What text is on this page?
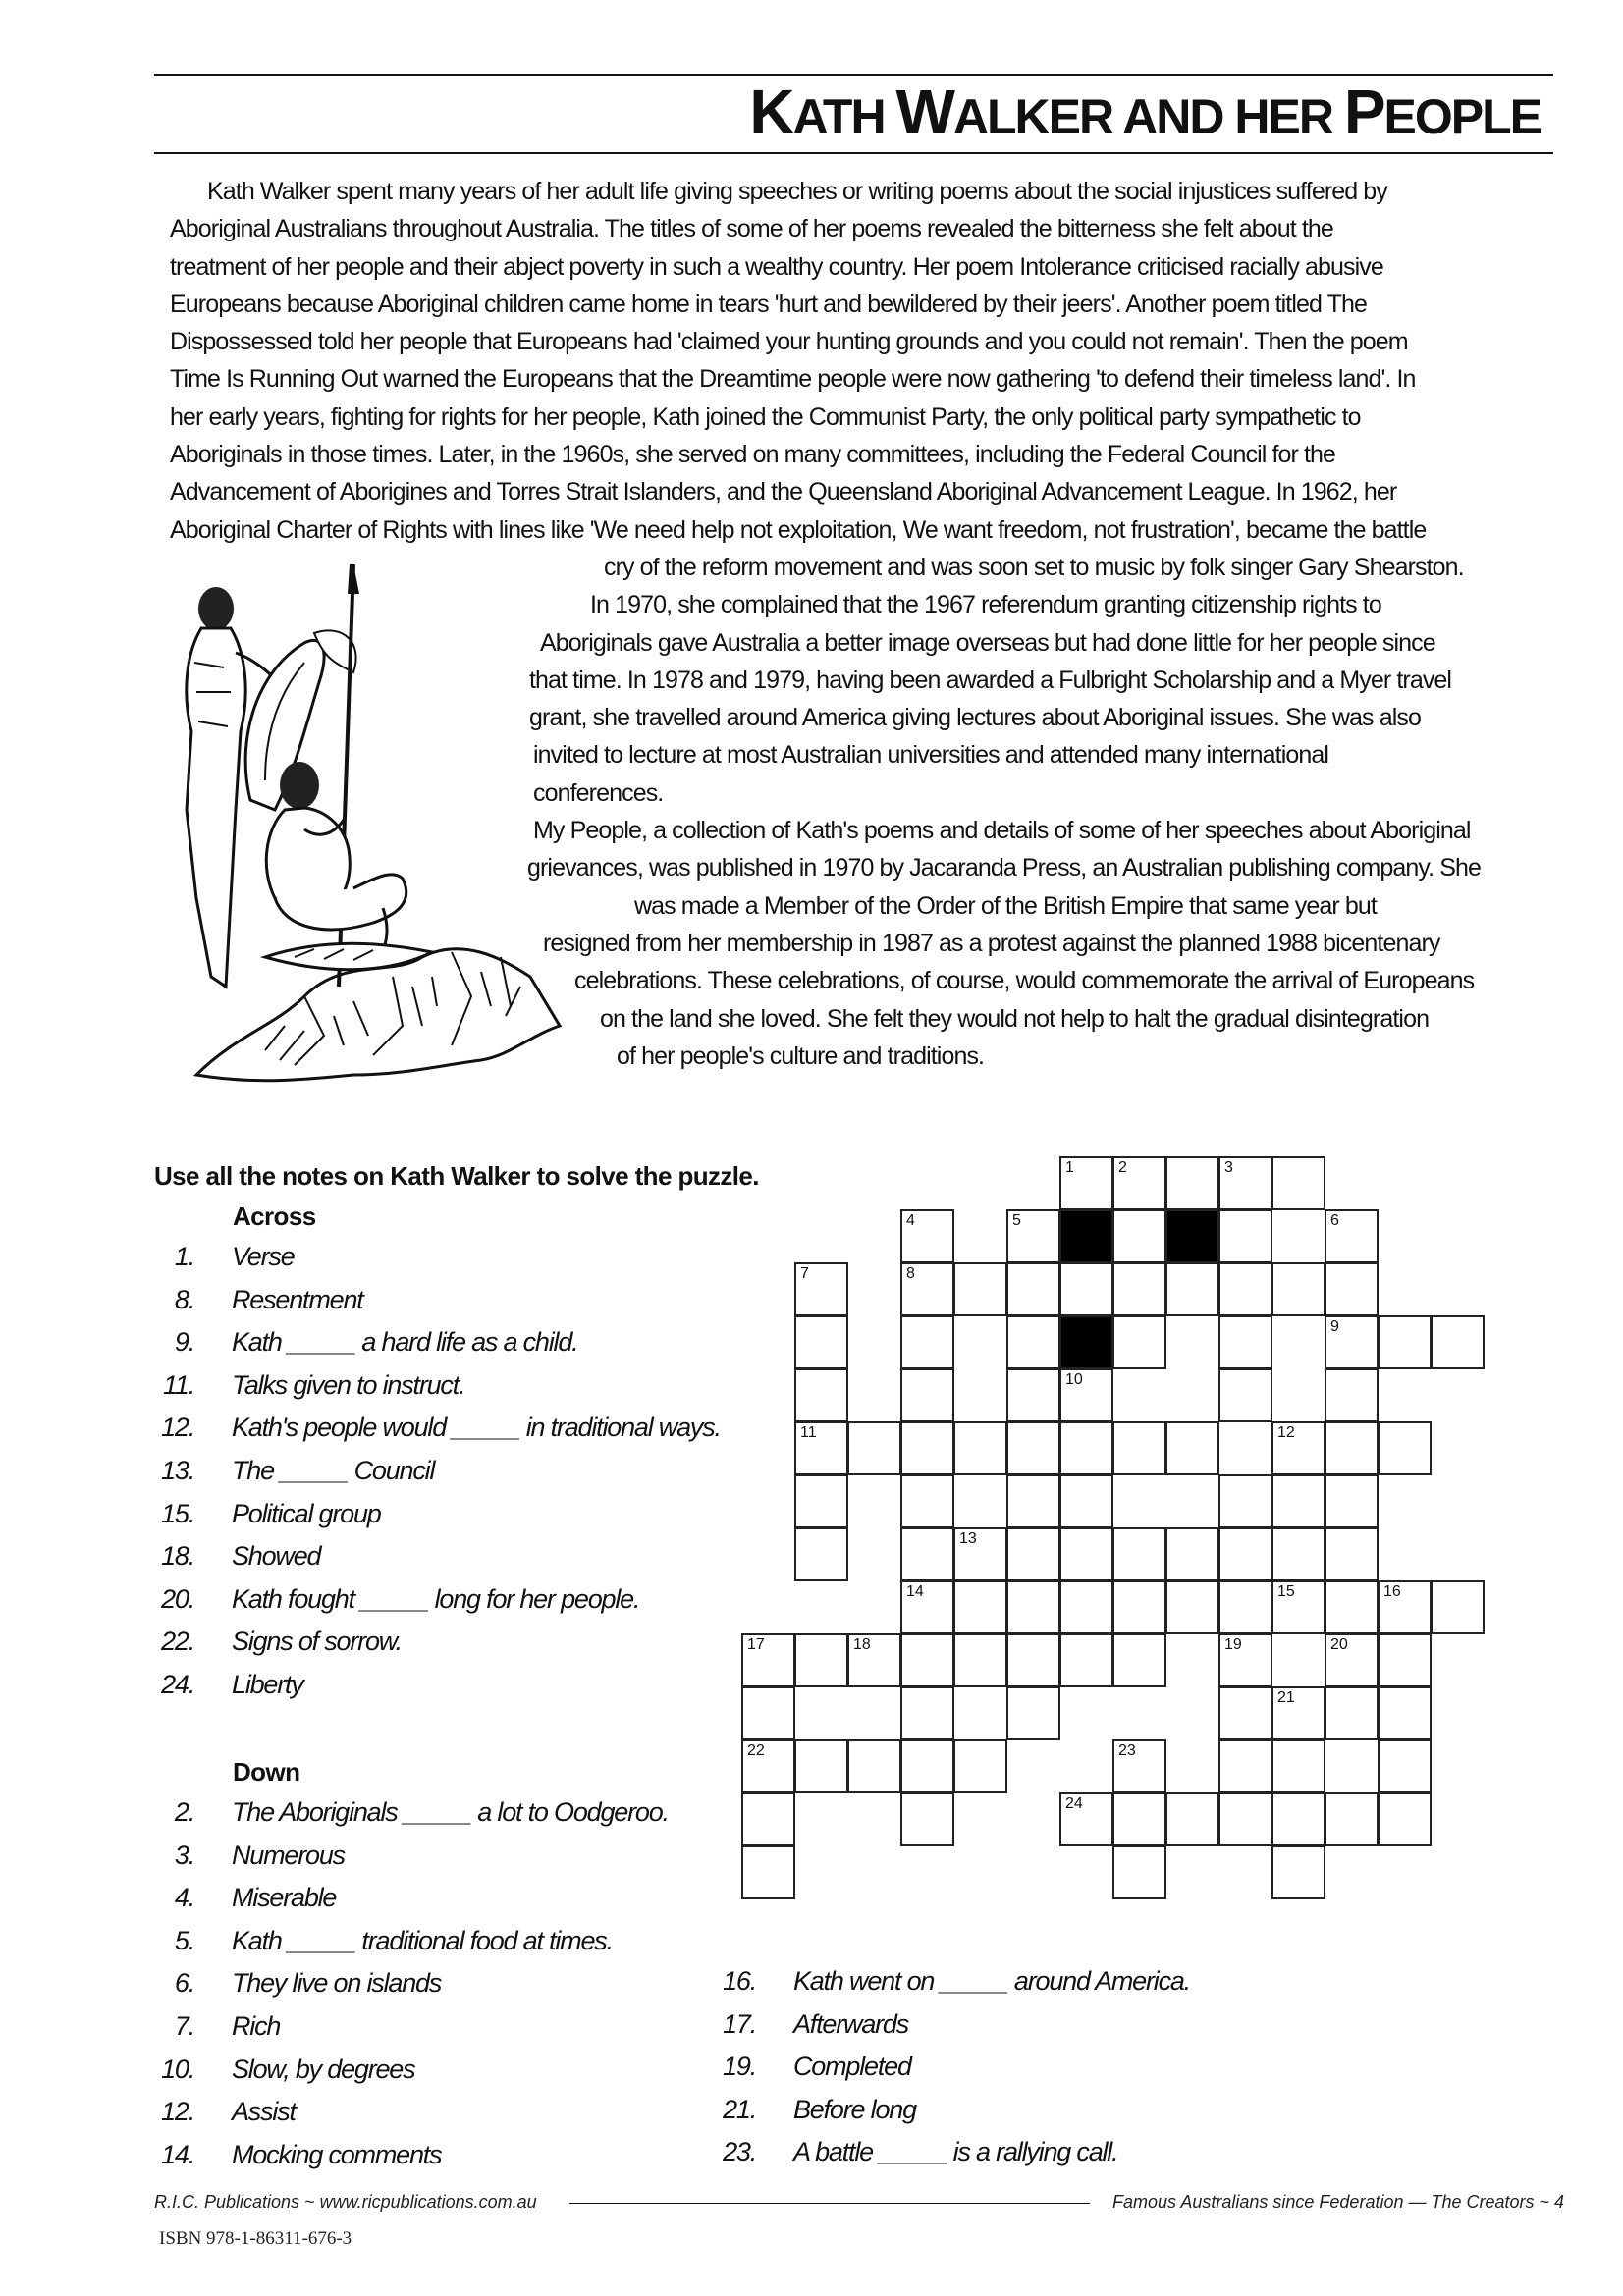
KATH WALKER AND HER PEOPLE
Kath Walker spent many years of her adult life giving speeches or writing poems about the social injustices suffered by
Aboriginal Australians throughout Australia. The titles of some of her poems revealed the bitterness she felt about the
treatment of her people and their abject poverty in such a wealthy country. Her poem Intolerance criticised racially abusive
Europeans because Aboriginal children came home in tears 'hurt and bewildered by their jeers'. Another poem titled The
Dispossessed told her people that Europeans had 'claimed your hunting grounds and you could not remain'. Then the poem
Time Is Running Out warned the Europeans that the Dreamtime people were now gathering 'to defend their timeless land'. In
her early years, fighting for rights for her people, Kath joined the Communist Party, the only political party sympathetic to
Aboriginals in those times. Later, in the 1960s, she served on many committees, including the Federal Council for the
Advancement of Aborigines and Torres Strait Islanders, and the Queensland Aboriginal Advancement League. In 1962, her
Aboriginal Charter of Rights with lines like 'We need help not exploitation, We want freedom, not frustration', became the battle
cry of the reform movement and was soon set to music by folk singer Gary Shearston.
In 1970, she complained that the 1967 referendum granting citizenship rights to
Aboriginals gave Australia a better image overseas but had done little for her people since
that time. In 1978 and 1979, having been awarded a Fulbright Scholarship and a Myer travel
grant, she travelled around America giving lectures about Aboriginal issues. She was also
invited to lecture at most Australian universities and attended many international
conferences.
My People, a collection of Kath's poems and details of some of her speeches about Aboriginal
grievances, was published in 1970 by Jacaranda Press, an Australian publishing company. She
was made a Member of the Order of the British Empire that same year but
resigned from her membership in 1987 as a protest against the planned 1988 bicentenary
celebrations. These celebrations, of course, would commemorate the arrival of Europeans
on the land she loved. She felt they would not help to halt the gradual disintegration
of her people's culture and traditions.
Use all the notes on Kath Walker to solve the puzzle.
Across
Down
1. Verse
8. Resentment
9. Kath _____ a hard life as a child.
11. Talks given to instruct.
12. Kath's people would _____ in traditional ways.
13. The _____ Council
15. Political group
18. Showed
20. Kath fought _____ long for her people.
22. Signs of sorrow.
24. Liberty
2. The Aboriginals _____ a lot to Oodgeroo.
3. Numerous
4. Miserable
5. Kath _____ traditional food at times.
6. They live on islands
7. Rich
10. Slow, by degrees
12. Assist
14. Mocking comments
16. Kath went on _____ around America.
17. Afterwards
19. Completed
21. Before long
23. A battle _____ is a rallying call.
1	2	3
4	5	6
7	8
9
10
11	12
13
14	15	16
17	18	19	20
21
22	23
24
R.I.C. Publications ~ www.ricpublications.com.au	Famous Australians since Federation — The Creators ~ 4
ISBN 978-1-86311-676-3
